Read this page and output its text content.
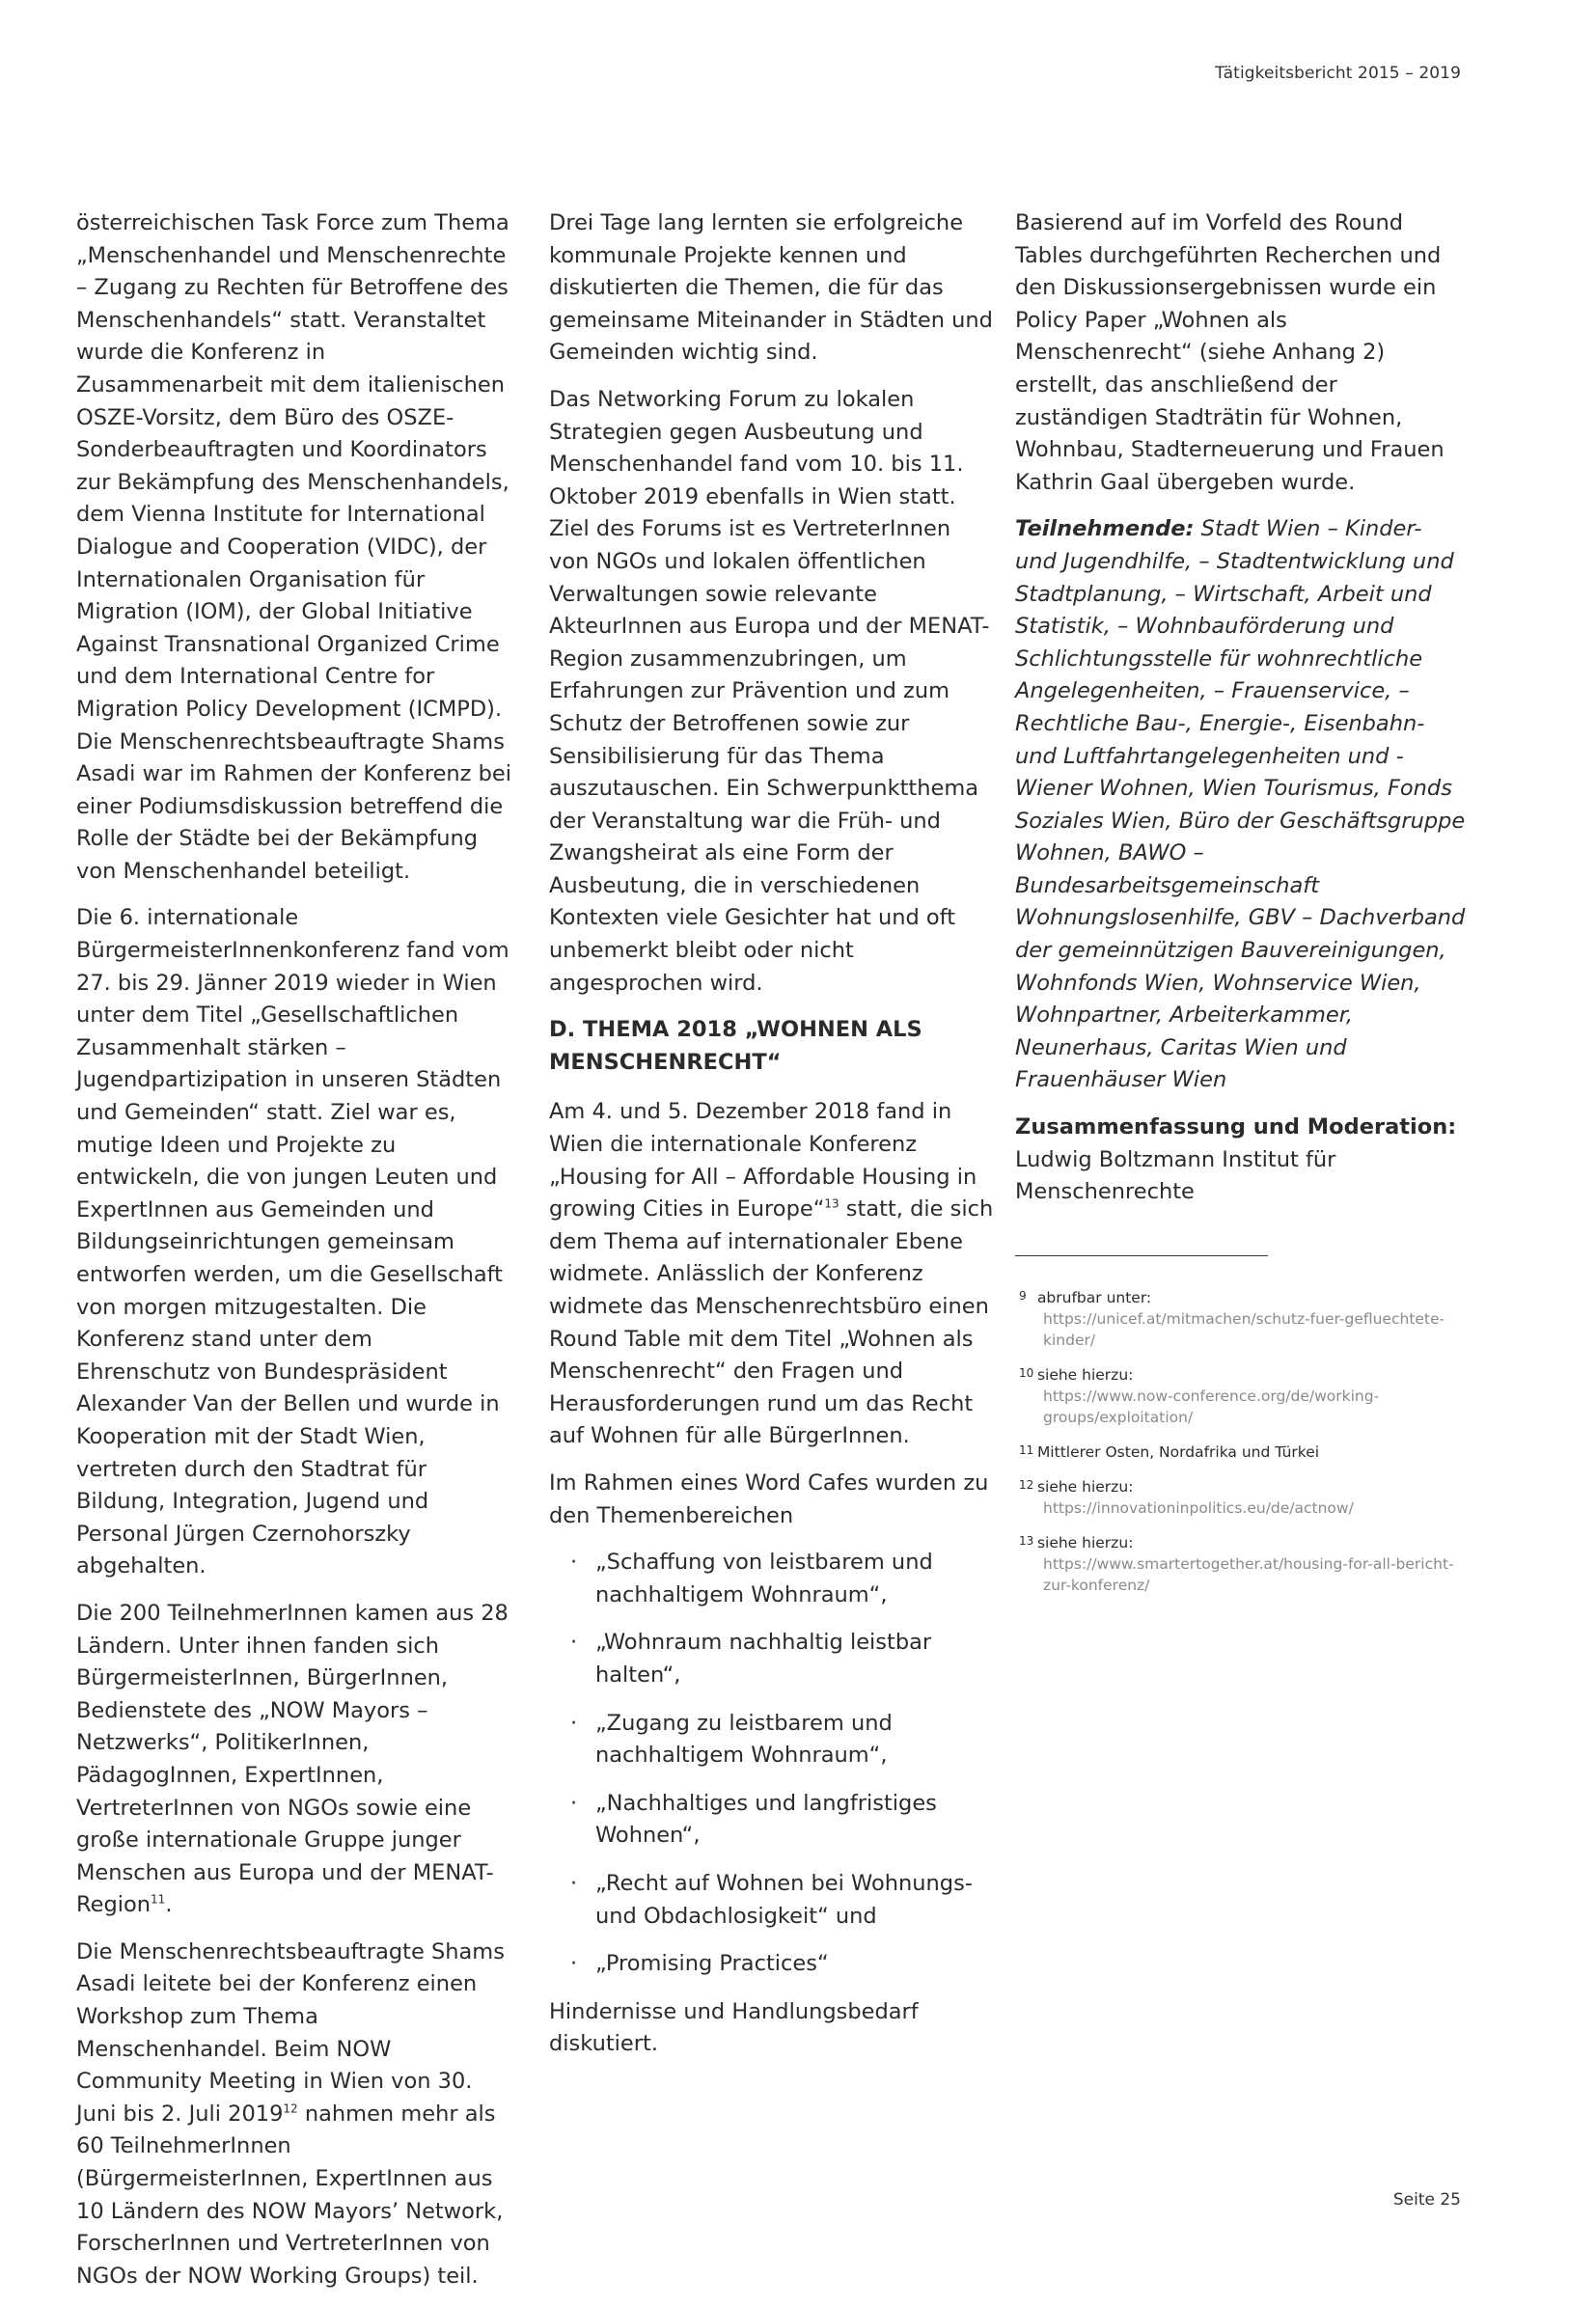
Tätigkeitsbericht 2015 – 2019

österreichischen Task Force zum Thema „Menschenhandel und Menschenrechte – Zugang zu Rechten für Betroffene des Menschenhandels“ statt. Veranstaltet wurde die Konferenz in Zusammenarbeit mit dem italienischen OSZE-Vorsitz, dem Büro des OSZE-Sonderbeauftragten und Koordinators zur Bekämpfung des Menschenhandels, dem Vienna Institute for International Dialogue and Cooperation (VIDC), der Internationalen Organisation für Migration (IOM), der Global Initiative Against Transnational Organized Crime und dem International Centre for Migration Policy Development (ICMPD). Die Menschenrechtsbeauftragte Shams Asadi war im Rahmen der Konferenz bei einer Podiumsdiskussion betreffend die Rolle der Städte bei der Bekämpfung von Menschenhandel beteiligt.

Die 6. internationale BürgermeisterInnenkonferenz fand vom 27. bis 29. Jänner 2019 wieder in Wien unter dem Titel „Gesellschaftlichen Zusammenhalt stärken – Jugendpartizipation in unseren Städten und Gemeinden“ statt. Ziel war es, mutige Ideen und Projekte zu entwickeln, die von jungen Leuten und ExpertInnen aus Gemeinden und Bildungseinrichtungen gemeinsam entworfen werden, um die Gesellschaft von morgen mitzugestalten. Die Konferenz stand unter dem Ehrenschutz von Bundespräsident Alexander Van der Bellen und wurde in Kooperation mit der Stadt Wien, vertreten durch den Stadtrat für Bildung, Integration, Jugend und Personal Jürgen Czernohorszky abgehalten.

Die 200 TeilnehmerInnen kamen aus 28 Ländern. Unter ihnen fanden sich BürgermeisterInnen, BürgerInnen, Bedienstete des „NOW Mayors – Netzwerks“, PolitikerInnen, PädagogInnen, ExpertInnen, VertreterInnen von NGOs sowie eine große internationale Gruppe junger Menschen aus Europa und der MENAT-Region$^{11}$.

Die Menschenrechtsbeauftragte Shams Asadi leitete bei der Konferenz einen Workshop zum Thema Menschenhandel. Beim NOW Community Meeting in Wien von 30. Juni bis 2. Juli 2019$^{12}$ nahmen mehr als 60 TeilnehmerInnen (BürgermeisterInnen, ExpertInnen aus 10 Ländern des NOW Mayors’ Network, ForscherInnen und VertreterInnen von NGOs der NOW Working Groups) teil.

Drei Tage lang lernten sie erfolgreiche kommunale Projekte kennen und diskutierten die Themen, die für das gemeinsame Miteinander in Städten und Gemeinden wichtig sind.

Das Networking Forum zu lokalen Strategien gegen Ausbeutung und Menschenhandel fand vom 10. bis 11. Oktober 2019 ebenfalls in Wien statt. Ziel des Forums ist es VertreterInnen von NGOs und lokalen öffentlichen Verwaltungen sowie relevante AkteurInnen aus Europa und der MENAT-Region zusammenzubringen, um Erfahrungen zur Prävention und zum Schutz der Betroffenen sowie zur Sensibilisierung für das Thema auszutauschen. Ein Schwerpunktthema der Veranstaltung war die Früh- und Zwangsheirat als eine Form der Ausbeutung, die in verschiedenen Kontexten viele Gesichter hat und oft unbemerkt bleibt oder nicht angesprochen wird.

D. THEMA 2018 „WOHNEN ALS MENSCHENRECHT“

Am 4. und 5. Dezember 2018 fand in Wien die internationale Konferenz „Housing for All – Affordable Housing in growing Cities in Europe“$^{13}$ statt, die sich dem Thema auf internationaler Ebene widmete. Anlässlich der Konferenz widmete das Menschenrechtsbüro einen Round Table mit dem Titel „Wohnen als Menschenrecht“ den Fragen und Herausforderungen rund um das Recht auf Wohnen für alle BürgerInnen.

Im Rahmen eines Word Cafes wurden zu den Themenbereichen

· „Schaffung von leistbarem und nachhaltigem Wohnraum“,
· „Wohnraum nachhaltig leistbar halten“,
· „Zugang zu leistbarem und nachhaltigem Wohnraum“,
· „Nachhaltiges und langfristiges Wohnen“,
· „Recht auf Wohnen bei Wohnungs- und Obdachlosigkeit“ und
· „Promising Practices“

Hindernisse und Handlungsbedarf diskutiert.

Basierend auf im Vorfeld des Round Tables durchgeführten Recherchen und den Diskussionsergebnissen wurde ein Policy Paper „Wohnen als Menschenrecht“ (siehe Anhang 2) erstellt, das anschließend der zuständigen Stadträtin für Wohnen, Wohnbau, Stadterneuerung und Frauen Kathrin Gaal übergeben wurde.

Teilnehmende: Stadt Wien – Kinder- und Jugendhilfe, – Stadtentwicklung und Stadtplanung, – Wirtschaft, Arbeit und Statistik, – Wohnbauförderung und Schlichtungsstelle für wohnrechtliche Angelegenheiten, – Frauenservice, – Rechtliche Bau-, Energie-, Eisenbahn- und Luftfahrtangelegenheiten und - Wiener Wohnen, Wien Tourismus, Fonds Soziales Wien, Büro der Geschäftsgruppe Wohnen, BAWO – Bundesarbeitsgemeinschaft Wohnungslosenhilfe, GBV – Dachverband der gemeinnützigen Bauvereinigungen, Wohnfonds Wien, Wohnservice Wien, Wohnpartner, Arbeiterkammer, Neunerhaus, Caritas Wien und Frauenhäuser Wien

Zusammenfassung und Moderation:
Ludwig Boltzmann Institut für Menschenrechte

9 abrufbar unter:
https://unicef.at/mitmachen/schutz-fuer-gefluechtete-kinder/
10 siehe hierzu:
https://www.now-conference.org/de/working-groups/exploitation/
11 Mittlerer Osten, Nordafrika und Türkei
12 siehe hierzu:
https://innovationinpolitics.eu/de/actnow/
13 siehe hierzu:
https://www.smartertogether.at/housing-for-all-bericht-zur-konferenz/
Seite 25
